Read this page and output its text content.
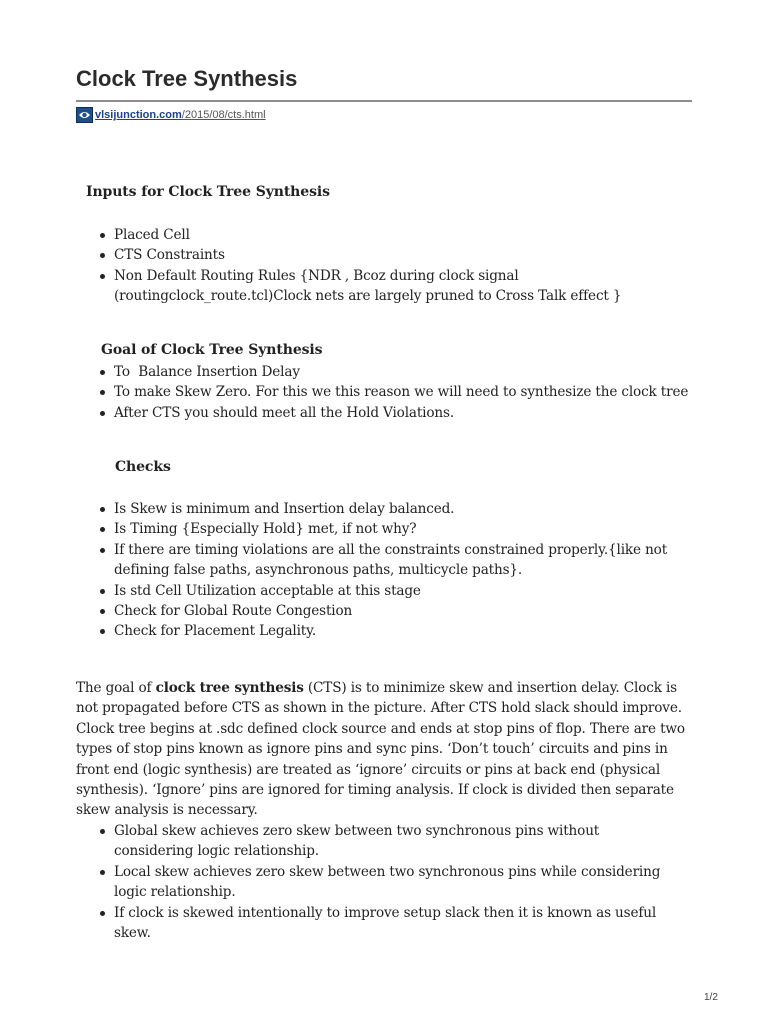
Clock Tree Synthesis
vlsijunction.com /2015/08/cts.html
Inputs for Clock Tree Synthesis
Placed Cell
CTS Constraints
Non Default Routing Rules {NDR , Bcoz during clock signal (routingclock_route.tcl)Clock nets are largely pruned to Cross Talk effect }
Goal of Clock Tree Synthesis
To  Balance Insertion Delay
To make Skew Zero. For this we this reason we will need to synthesize the clock tree
After CTS you should meet all the Hold Violations.
Checks
Is Skew is minimum and Insertion delay balanced.
Is Timing {Especially Hold} met, if not why?
If there are timing violations are all the constraints constrained properly.{like not defining false paths, asynchronous paths, multicycle paths}.
Is std Cell Utilization acceptable at this stage
Check for Global Route Congestion
Check for Placement Legality.

The goal of clock tree synthesis (CTS) is to minimize skew and insertion delay. Clock is not propagated before CTS as shown in the picture. After CTS hold slack should improve. Clock tree begins at .sdc defined clock source and ends at stop pins of flop. There are two types of stop pins known as ignore pins and sync pins. ‘Don’t touch’ circuits and pins in front end (logic synthesis) are treated as ‘ignore’ circuits or pins at back end (physical synthesis). ‘Ignore’ pins are ignored for timing analysis. If clock is divided then separate skew analysis is necessary.

Global skew achieves zero skew between two synchronous pins without considering logic relationship.
Local skew achieves zero skew between two synchronous pins while considering logic relationship.
If clock is skewed intentionally to improve setup slack then it is known as useful skew.
1/2
